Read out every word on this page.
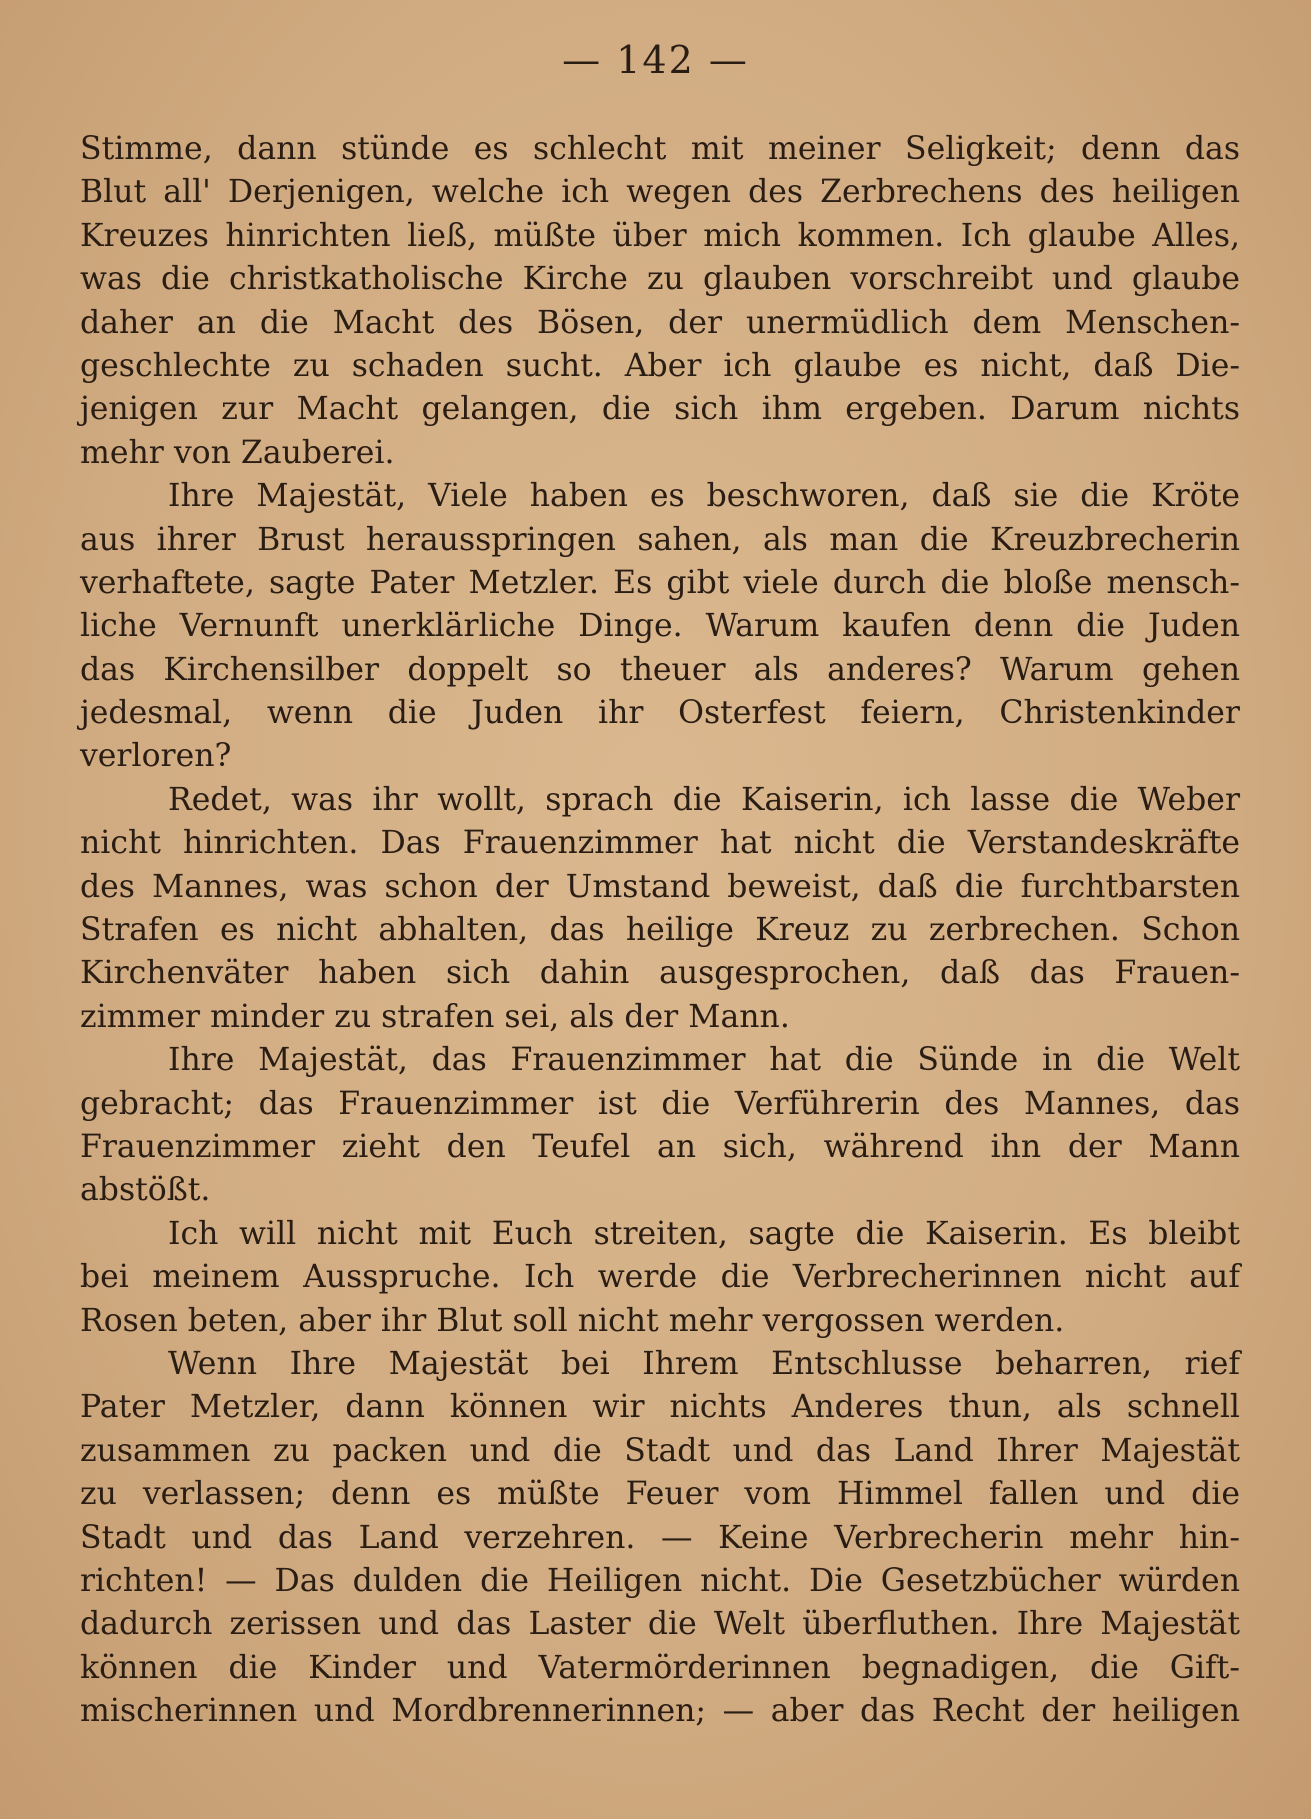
— 142 —
Stimme, dann stünde es schlecht mit meiner Seligkeit; denn das
Blut all' Derjenigen, welche ich wegen des Zerbrechens des heiligen
Kreuzes hinrichten ließ, müßte über mich kommen. Ich glaube Alles,
was die christkatholische Kirche zu glauben vorschreibt und glaube
daher an die Macht des Bösen, der unermüdlich dem Menschen-
geschlechte zu schaden sucht. Aber ich glaube es nicht, daß Die-
jenigen zur Macht gelangen, die sich ihm ergeben. Darum nichts
mehr von Zauberei.
Ihre Majestät, Viele haben es beschworen, daß sie die Kröte
aus ihrer Brust herausspringen sahen, als man die Kreuzbrecherin
verhaftete, sagte Pater Metzler. Es gibt viele durch die bloße mensch-
liche Vernunft unerklärliche Dinge. Warum kaufen denn die Juden
das Kirchensilber doppelt so theuer als anderes? Warum gehen
jedesmal, wenn die Juden ihr Osterfest feiern, Christenkinder
verloren?
Redet, was ihr wollt, sprach die Kaiserin, ich lasse die Weber
nicht hinrichten. Das Frauenzimmer hat nicht die Verstandeskräfte
des Mannes, was schon der Umstand beweist, daß die furchtbarsten
Strafen es nicht abhalten, das heilige Kreuz zu zerbrechen. Schon
Kirchenväter haben sich dahin ausgesprochen, daß das Frauen-
zimmer minder zu strafen sei, als der Mann.
Ihre Majestät, das Frauenzimmer hat die Sünde in die Welt
gebracht; das Frauenzimmer ist die Verführerin des Mannes, das
Frauenzimmer zieht den Teufel an sich, während ihn der Mann
abstößt.
Ich will nicht mit Euch streiten, sagte die Kaiserin. Es bleibt
bei meinem Ausspruche. Ich werde die Verbrecherinnen nicht auf
Rosen beten, aber ihr Blut soll nicht mehr vergossen werden.
Wenn Ihre Majestät bei Ihrem Entschlusse beharren, rief
Pater Metzler, dann können wir nichts Anderes thun, als schnell
zusammen zu packen und die Stadt und das Land Ihrer Majestät
zu verlassen; denn es müßte Feuer vom Himmel fallen und die
Stadt und das Land verzehren. — Keine Verbrecherin mehr hin-
richten! — Das dulden die Heiligen nicht. Die Gesetzbücher würden
dadurch zerissen und das Laster die Welt überfluthen. Ihre Majestät
können die Kinder und Vatermörderinnen begnadigen, die Gift-
mischerinnen und Mordbrennerinnen; — aber das Recht der heiligen
